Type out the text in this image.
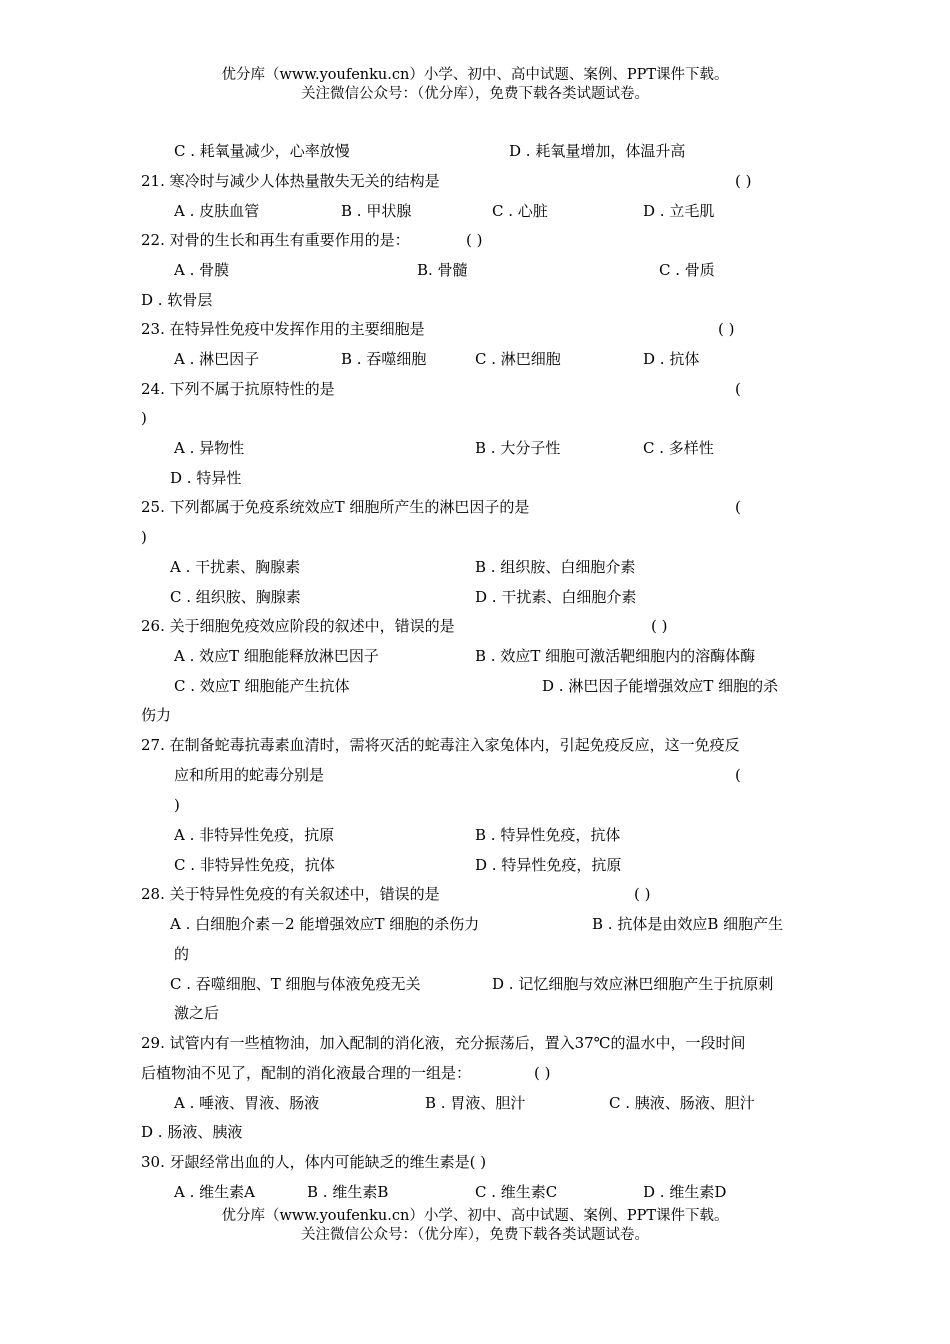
优分库（www.youfenku.cn）小学、初中、高中试题、案例、PPT课件下载。
关注微信公众号：（优分库），免费下载各类试题试卷。
C . 耗氧量减少，心率放慢	D . 耗氧量增加，体温升高
21. 寒冷时与减少人体热量散失无关的结构是	( )
A . 皮肤血管	B . 甲状腺	C . 心脏	D . 立毛肌
22. 对骨的生长和再生有重要作用的是：	( )
A . 骨膜	B. 骨髓	C . 骨质
D . 软骨层
23. 在特异性免疫中发挥作用的主要细胞是	( )
A . 淋巴因子	B . 吞噬细胞	C . 淋巴细胞	D . 抗体
24. 下列不属于抗原特性的是	(
)
A . 异物性	B . 大分子性	C . 多样性
D . 特异性
25. 下列都属于免疫系统效应T 细胞所产生的淋巴因子的是	(
)
A . 干扰素、胸腺素	B . 组织胺、白细胞介素
C . 组织胺、胸腺素	D . 干扰素、白细胞介素
26. 关于细胞免疫效应阶段的叙述中，错误的是	( )
A . 效应T 细胞能释放淋巴因子	B . 效应T 细胞可激活靶细胞内的溶酶体酶
C . 效应T 细胞能产生抗体	D . 淋巴因子能增强效应T 细胞的杀
伤力
27. 在制备蛇毒抗毒素血清时，需将灭活的蛇毒注入家兔体内，引起免疫反应，这一免疫反
应和所用的蛇毒分别是	(
)
A . 非特异性免疫，抗原	B . 特异性免疫，抗体
C . 非特异性免疫，抗体	D . 特异性免疫，抗原
28. 关于特异性免疫的有关叙述中，错误的是	( )
A . 白细胞介素－2 能增强效应T 细胞的杀伤力	B . 抗体是由效应B 细胞产生
的
C . 吞噬细胞、T 细胞与体液免疫无关	D . 记忆细胞与效应淋巴细胞产生于抗原刺
激之后
29. 试管内有一些植物油，加入配制的消化液，充分振荡后，置入37℃的温水中，一段时间
后植物油不见了，配制的消化液最合理的一组是：	( )
A . 唾液、胃液、肠液	B . 胃液、胆汁	C . 胰液、肠液、胆汁
D . 肠液、胰液
30. 牙龈经常出血的人，体内可能缺乏的维生素是( )
A . 维生素A	B . 维生素B	C . 维生素C	D . 维生素D
优分库（www.youfenku.cn）小学、初中、高中试题、案例、PPT课件下载。
关注微信公众号：（优分库），免费下载各类试题试卷。
